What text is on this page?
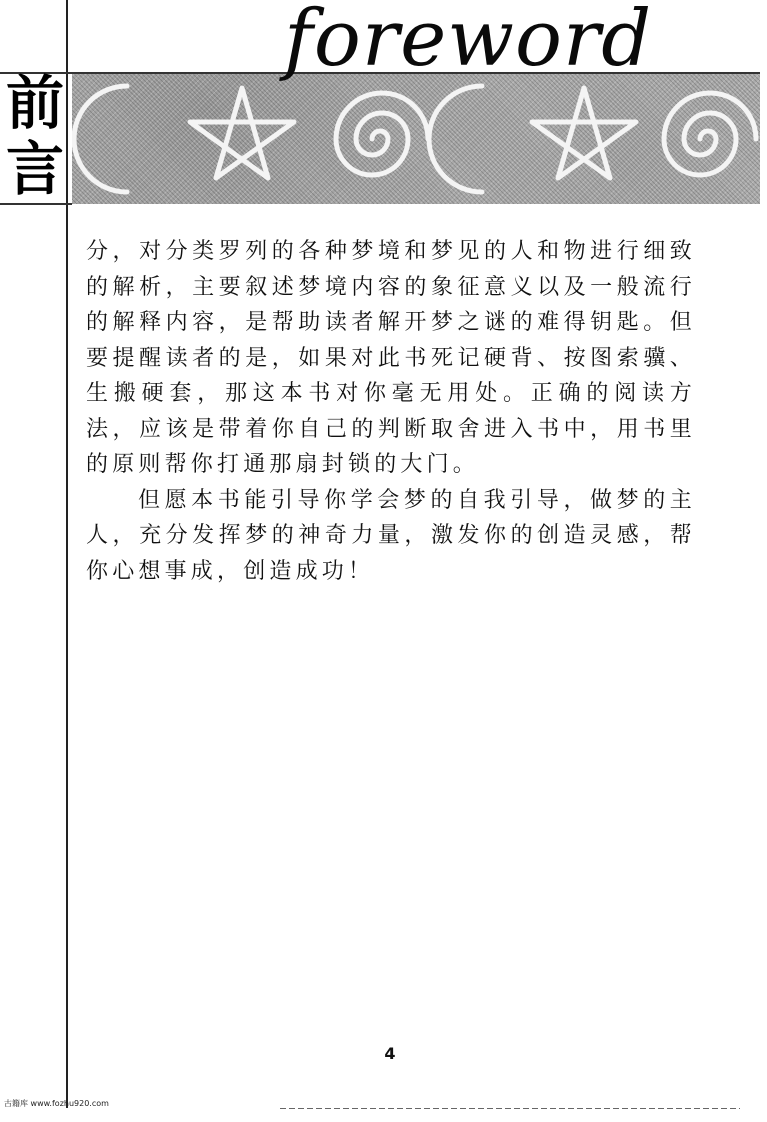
foreword
前
言

分，对分类罗列的各种梦境和梦见的人和物进行细致的解析，主要叙述梦境内容的象征意义以及一般流行的解释内容，是帮助读者解开梦之谜的难得钥匙。但要提醒读者的是，如果对此书死记硬背、按图索骥、生搬硬套，那这本书对你毫无用处。正确的阅读方法，应该是带着你自己的判断取舍进入书中，用书里的原则帮你打通那扇封锁的大门。

但愿本书能引导你学会梦的自我引导，做梦的主人，充分发挥梦的神奇力量，激发你的创造灵感，帮你心想事成，创造成功！

4
古籍库 www.fozhu920.com
